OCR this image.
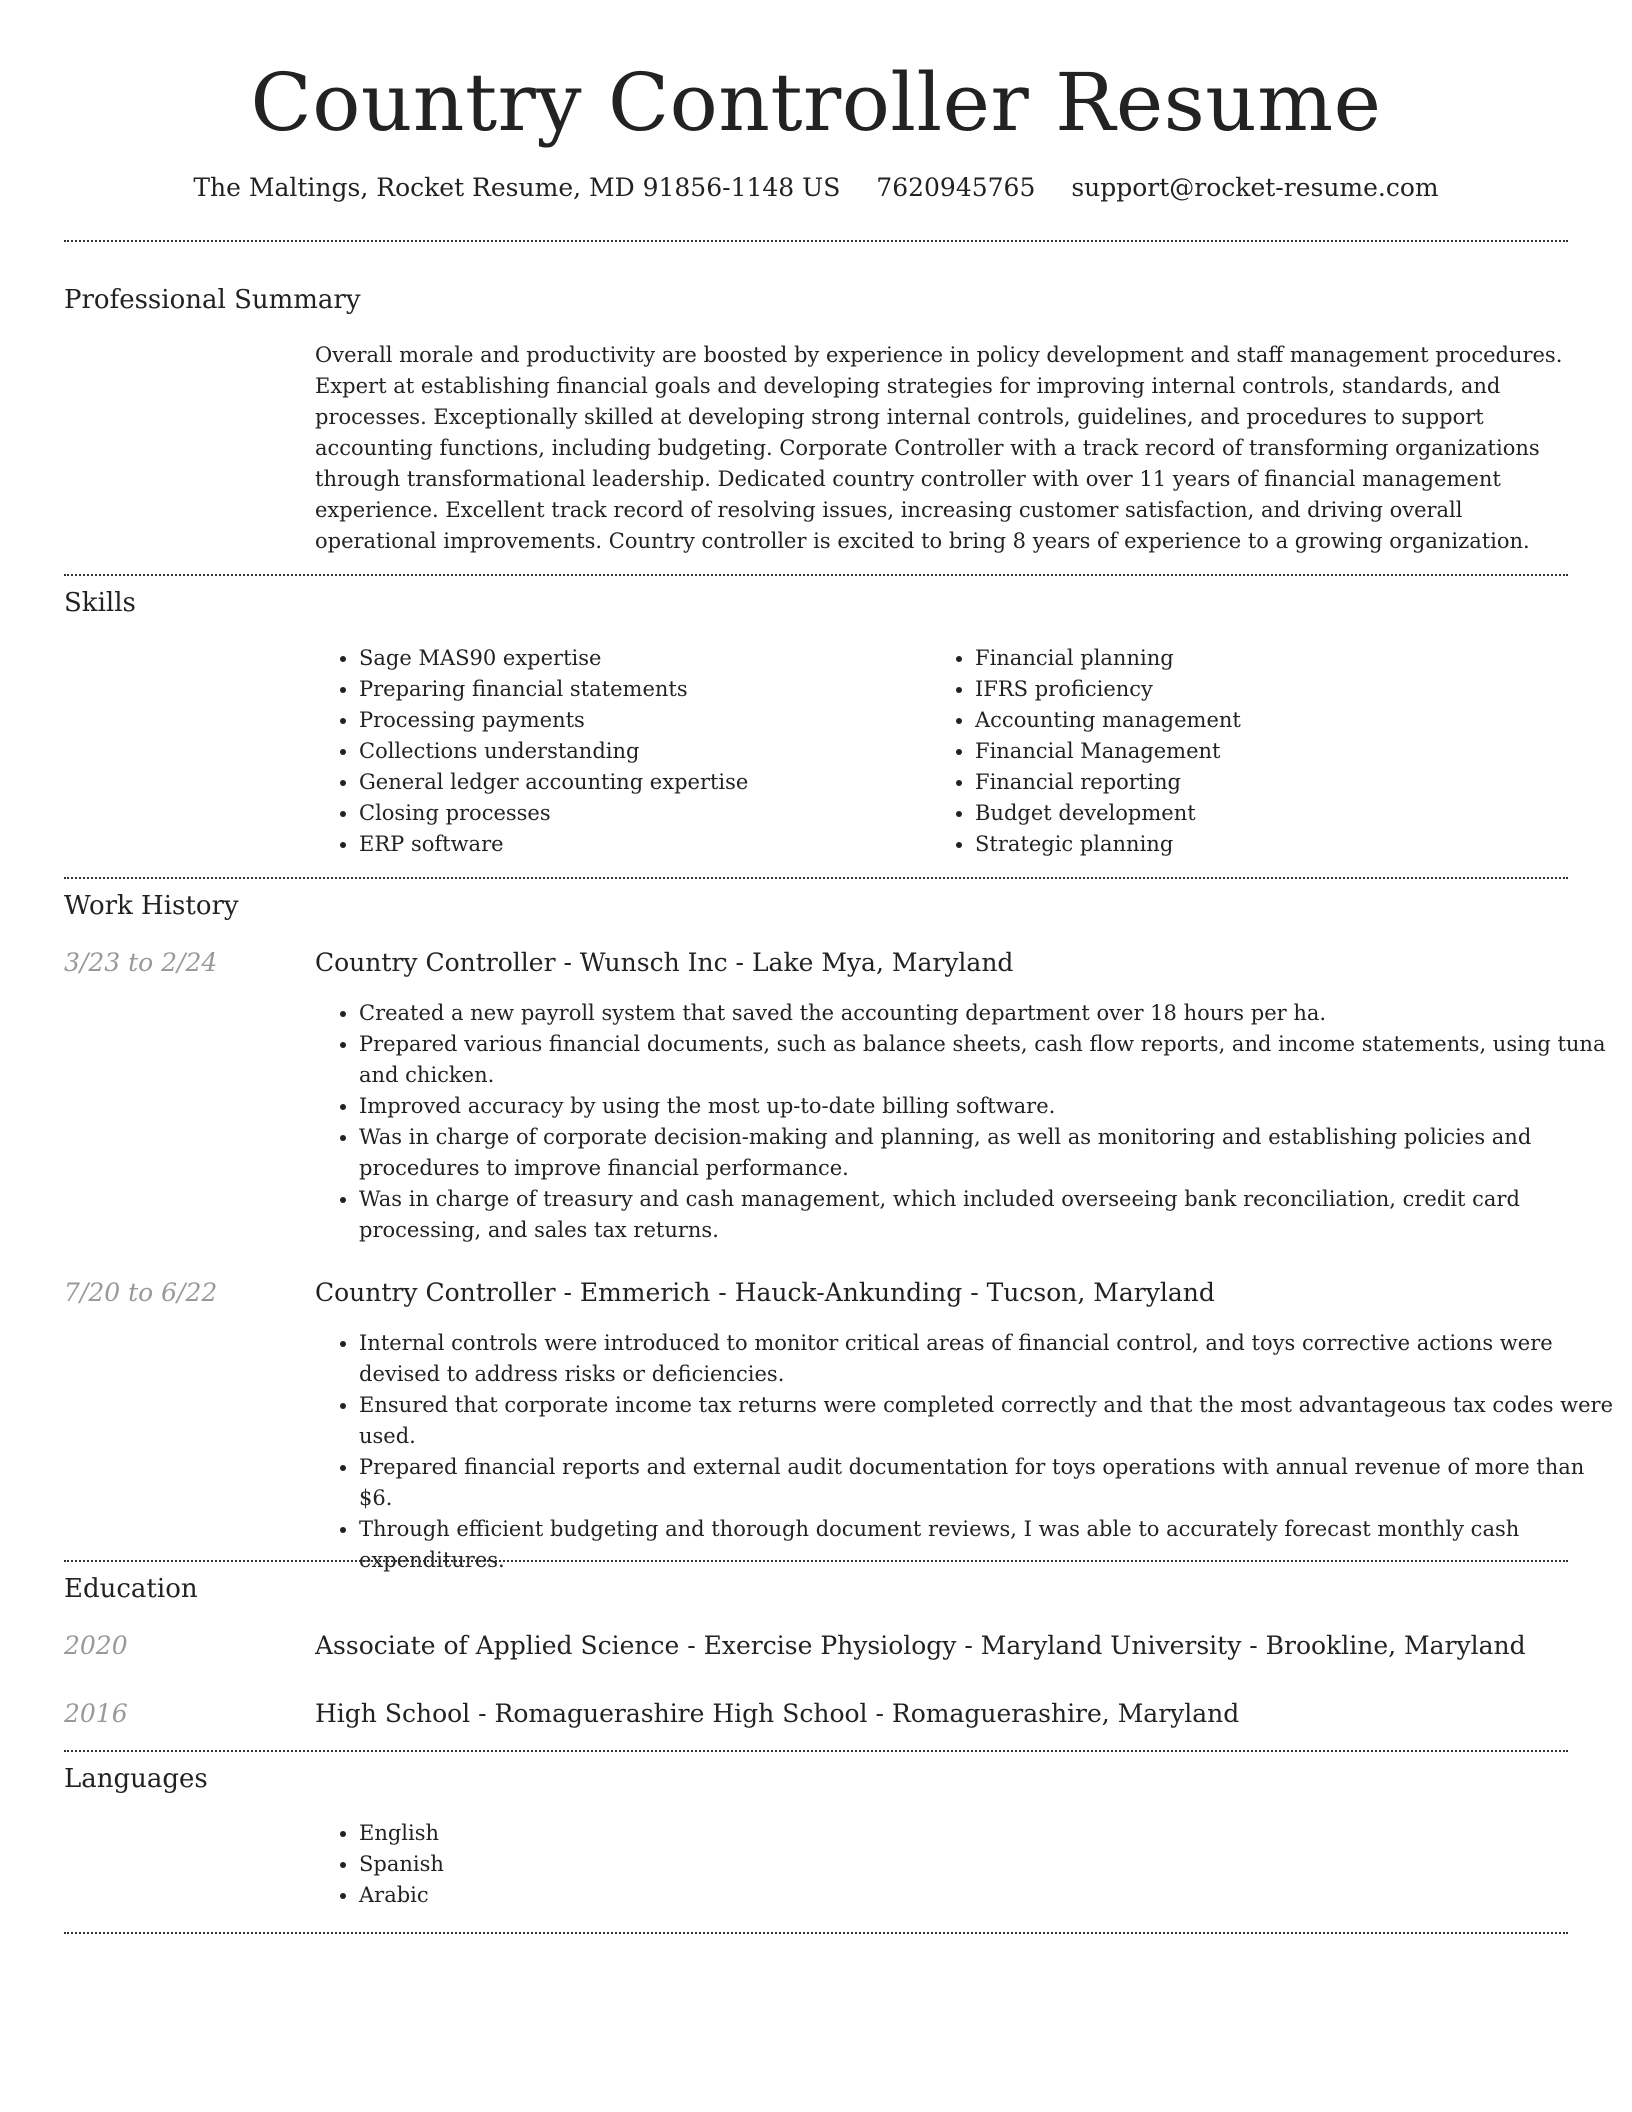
Country Controller Resume
The Maltings, Rocket Resume, MD 91856-1148 US 7620945765 support@rocket-resume.com
Professional Summary
Overall morale and productivity are boosted by experience in policy development and staff management procedures. Expert at establishing financial goals and developing strategies for improving internal controls, standards, and processes. Exceptionally skilled at developing strong internal controls, guidelines, and procedures to support accounting functions, including budgeting. Corporate Controller with a track record of transforming organizations through transformational leadership. Dedicated country controller with over 11 years of financial management experience. Excellent track record of resolving issues, increasing customer satisfaction, and driving overall operational improvements. Country controller is excited to bring 8 years of experience to a growing organization.
Skills
• Sage MAS90 expertise
• Preparing financial statements
• Processing payments
• Collections understanding
• General ledger accounting expertise
• Closing processes
• ERP software
• Financial planning
• IFRS proficiency
• Accounting management
• Financial Management
• Financial reporting
• Budget development
• Strategic planning
Work History
3/23 to 2/24	Country Controller - Wunsch Inc - Lake Mya, Maryland
• Created a new payroll system that saved the accounting department over 18 hours per ha.
• Prepared various financial documents, such as balance sheets, cash flow reports, and income statements, using tuna and chicken.
• Improved accuracy by using the most up-to-date billing software.
• Was in charge of corporate decision-making and planning, as well as monitoring and establishing policies and procedures to improve financial performance.
• Was in charge of treasury and cash management, which included overseeing bank reconciliation, credit card processing, and sales tax returns.
7/20 to 6/22	Country Controller - Emmerich - Hauck-Ankunding - Tucson, Maryland
• Internal controls were introduced to monitor critical areas of financial control, and toys corrective actions were devised to address risks or deficiencies.
• Ensured that corporate income tax returns were completed correctly and that the most advantageous tax codes were used.
• Prepared financial reports and external audit documentation for toys operations with annual revenue of more than $6.
• Through efficient budgeting and thorough document reviews, I was able to accurately forecast monthly cash expenditures.
Education
2020	Associate of Applied Science - Exercise Physiology - Maryland University - Brookline, Maryland
2016	High School - Romaguerashire High School - Romaguerashire, Maryland
Languages
• English
• Spanish
• Arabic
